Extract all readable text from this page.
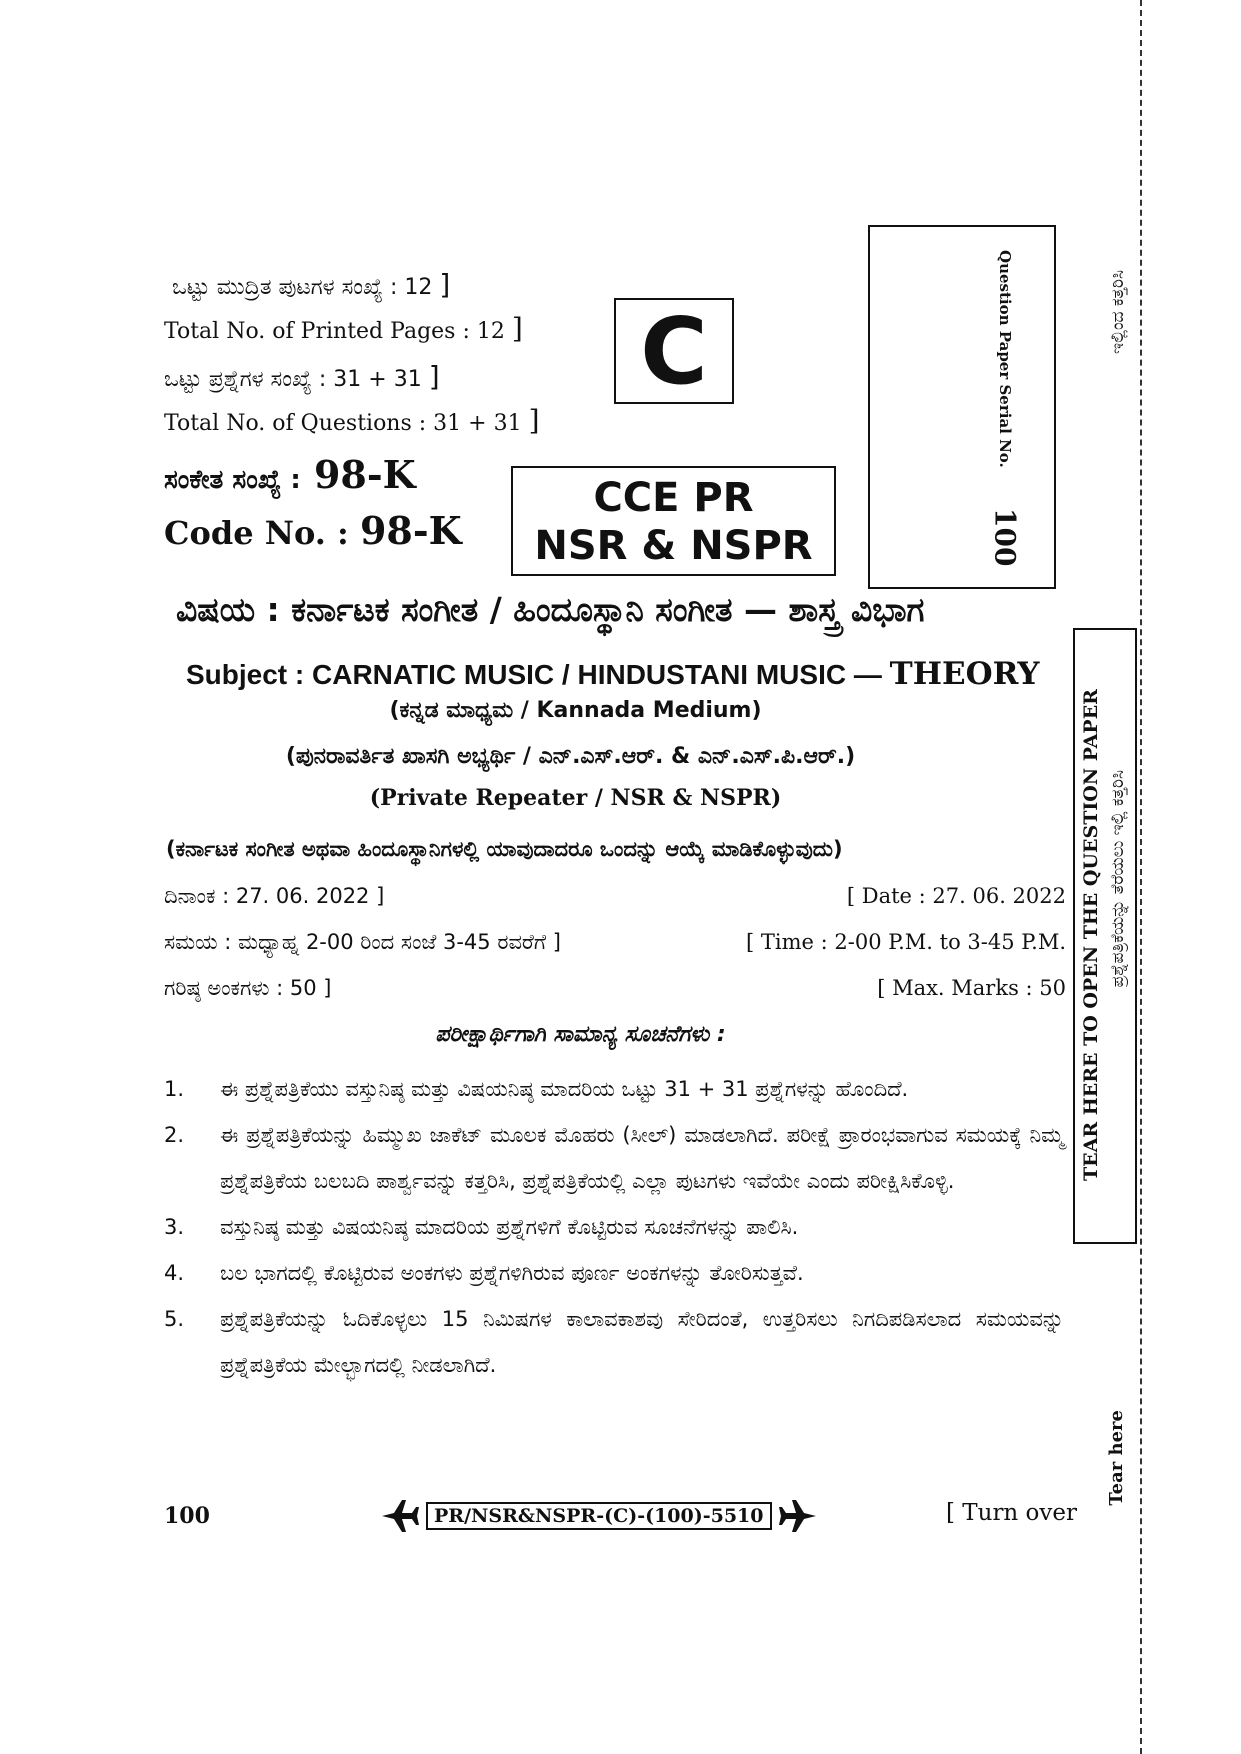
ಒಟ್ಟು ಮುದ್ರಿತ ಪುಟಗಳ ಸಂಖ್ಯೆ : 12 ]
Total No. of Printed Pages : 12 ]
ಒಟ್ಟು ಪ್ರಶ್ನೆಗಳ ಸಂಖ್ಯೆ : 31 + 31 ]
Total No. of Questions : 31 + 31 ]
ಸಂಕೇತ ಸಂಖ್ಯೆ : 98-K
Code No. : 98-K
C
CCE PR
NSR & NSPR
Question Paper Serial No.
100
ಇಲ್ಲಿಂದ ಕತ್ತರಿಸಿ
TEAR HERE TO OPEN THE QUESTION PAPER ಪ್ರಶ್ನೆಪತ್ರಿಕೆಯನ್ನು ತೆರೆಯಲು ಇಲ್ಲಿ ಕತ್ತರಿಸಿ
Tear here
ವಿಷಯ : ಕರ್ನಾಟಕ ಸಂಗೀತ / ಹಿಂದೂಸ್ಥಾನಿ ಸಂಗೀತ — ಶಾಸ್ತ್ರ ವಿಭಾಗ
Subject : CARNATIC MUSIC / HINDUSTANI MUSIC — THEORY
(ಕನ್ನಡ ಮಾಧ್ಯಮ / Kannada Medium)
(ಪುನರಾವರ್ತಿತ ಖಾಸಗಿ ಅಭ್ಯರ್ಥಿ / ಎನ್.ಎಸ್.ಆರ್. & ಎನ್.ಎಸ್.ಪಿ.ಆರ್.)
(Private Repeater / NSR & NSPR)
(ಕರ್ನಾಟಕ ಸಂಗೀತ ಅಥವಾ ಹಿಂದೂಸ್ಥಾನಿಗಳಲ್ಲಿ ಯಾವುದಾದರೂ ಒಂದನ್ನು ಆಯ್ಕೆ ಮಾಡಿಕೊಳ್ಳುವುದು)
ದಿನಾಂಕ : 27. 06. 2022 ]	[ Date : 27. 06. 2022
ಸಮಯ : ಮಧ್ಯಾಹ್ನ 2-00 ರಿಂದ ಸಂಜೆ 3-45 ರವರೆಗೆ ]	[ Time : 2-00 P.M. to 3-45 P.M.
ಗರಿಷ್ಠ ಅಂಕಗಳು : 50 ]	[ Max. Marks : 50
ಪರೀಕ್ಷಾರ್ಥಿಗಾಗಿ ಸಾಮಾನ್ಯ ಸೂಚನೆಗಳು :
1.	ಈ ಪ್ರಶ್ನೆಪತ್ರಿಕೆಯು ವಸ್ತುನಿಷ್ಠ ಮತ್ತು ವಿಷಯನಿಷ್ಠ ಮಾದರಿಯ ಒಟ್ಟು 31 + 31 ಪ್ರಶ್ನೆಗಳನ್ನು ಹೊಂದಿದೆ.
2.	ಈ ಪ್ರಶ್ನೆಪತ್ರಿಕೆಯನ್ನು ಹಿಮ್ಮುಖ ಜಾಕೆಟ್ ಮೂಲಕ ಮೊಹರು (ಸೀಲ್) ಮಾಡಲಾಗಿದೆ. ಪರೀಕ್ಷೆ ಪ್ರಾರಂಭವಾಗುವ ಸಮಯಕ್ಕೆ ನಿಮ್ಮ ಪ್ರಶ್ನೆಪತ್ರಿಕೆಯ ಬಲಬದಿ ಪಾರ್ಶ್ವವನ್ನು ಕತ್ತರಿಸಿ, ಪ್ರಶ್ನೆಪತ್ರಿಕೆಯಲ್ಲಿ ಎಲ್ಲಾ ಪುಟಗಳು ಇವೆಯೇ ಎಂದು ಪರೀಕ್ಷಿಸಿಕೊಳ್ಳಿ.
3.	ವಸ್ತುನಿಷ್ಠ ಮತ್ತು ವಿಷಯನಿಷ್ಠ ಮಾದರಿಯ ಪ್ರಶ್ನೆಗಳಿಗೆ ಕೊಟ್ಟಿರುವ ಸೂಚನೆಗಳನ್ನು ಪಾಲಿಸಿ.
4.	ಬಲ ಭಾಗದಲ್ಲಿ ಕೊಟ್ಟಿರುವ ಅಂಕಗಳು ಪ್ರಶ್ನೆಗಳಿಗಿರುವ ಪೂರ್ಣ ಅಂಕಗಳನ್ನು ತೋರಿಸುತ್ತವೆ.
5.	ಪ್ರಶ್ನೆಪತ್ರಿಕೆಯನ್ನು ಓದಿಕೊಳ್ಳಲು 15 ನಿಮಿಷಗಳ ಕಾಲಾವಕಾಶವು ಸೇರಿದಂತೆ, ಉತ್ತರಿಸಲು ನಿಗದಿಪಡಿಸಲಾದ ಸಮಯವನ್ನು ಪ್ರಶ್ನೆಪತ್ರಿಕೆಯ ಮೇಲ್ಭಾಗದಲ್ಲಿ ನೀಡಲಾಗಿದೆ.
100	PR/NSR&NSPR-(C)-(100)-5510	[ Turn over
